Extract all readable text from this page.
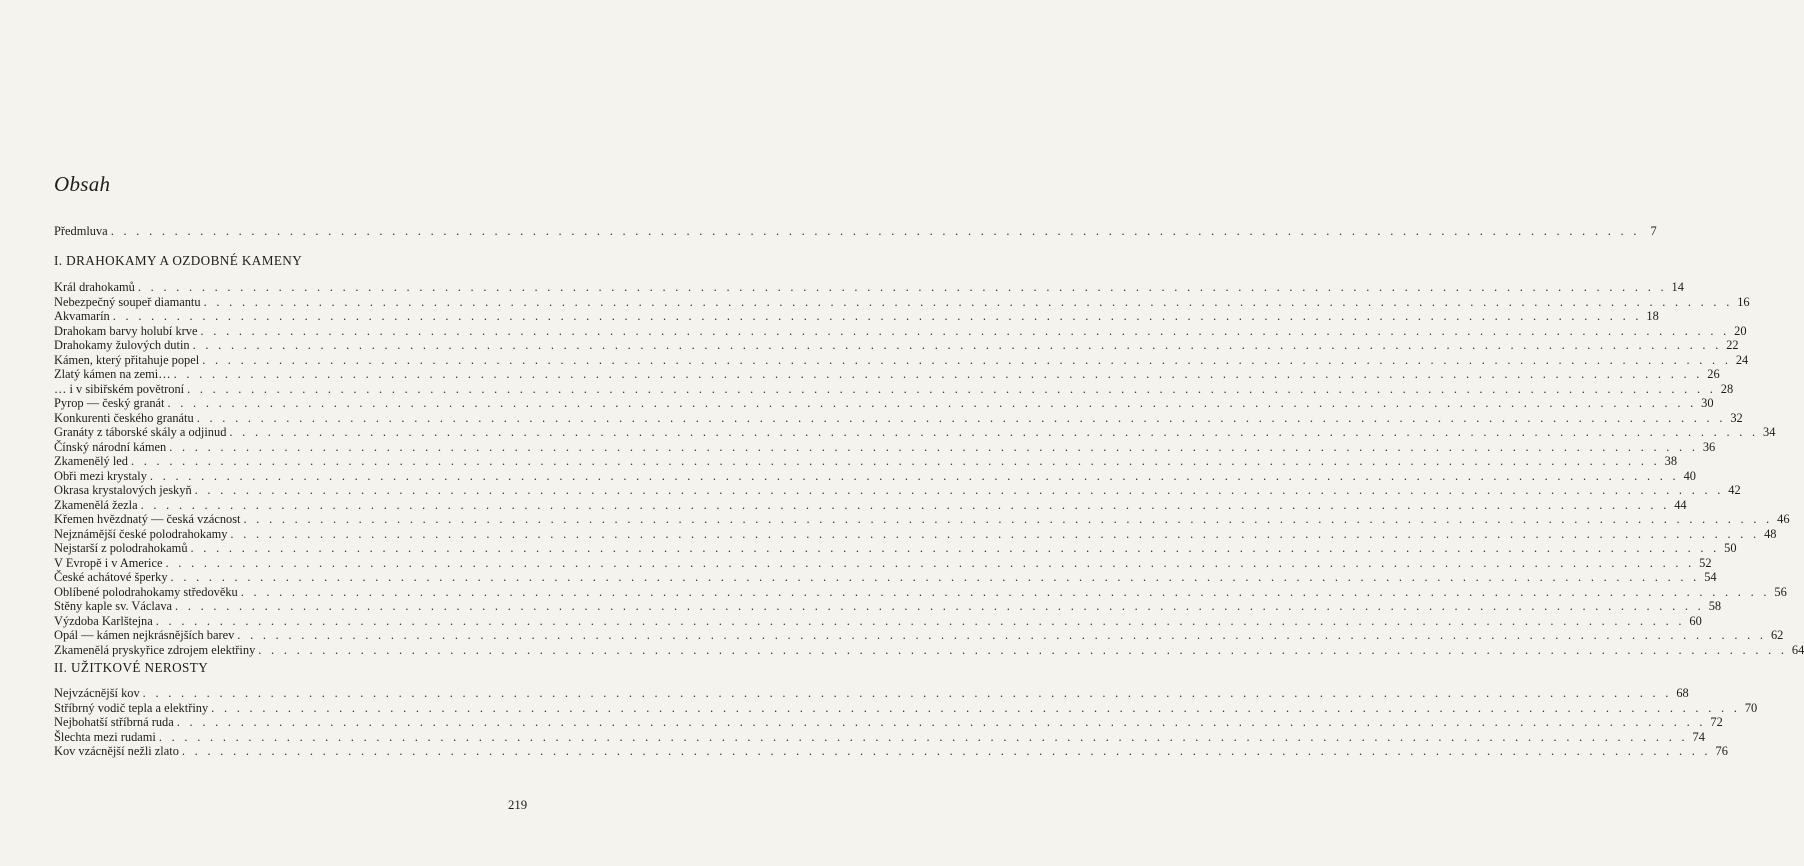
Obsah
Předmluva . . . . . . . . . . . . . . . . . . . . . . . . . . . . . . . . . . . . . . . . . . . . . . . . . . . . . . . . . . . . . . . . . . . . . . . . . . . . . . . . . . . . . . . . . . . . . . . . . . . . . . . . . . . . . . . . . . . . . . . . 7
I. DRAHOKAMY A OZDOBNÉ KAMENY
Král drahokamů . . . . . . . . . . . . . . . . . . . . . . . . . . . . . . . . . . . . . . . . . . . . . . . . . . . . . . . . . . . . . . . . . . . . . . . . . . . . . . . . . . . . . . . . . . . . . . . . . . . . . . . . . . . . . . . . . . . . . . . . 14
Nebezpečný soupeř diamantu . . . . . . . . . . . . . . . . . . . . . . . . . . . . . . . . . . . . . . . . . . . . . . . . . . . . . . . . . . . . . . . . . . . . . . . . . . . . . . . . . . . . . . . . . . . . . . . . . . . . . . . . . . . . . . . . . . . . . . . . 16
Akvamarín . . . . . . . . . . . . . . . . . . . . . . . . . . . . . . . . . . . . . . . . . . . . . . . . . . . . . . . . . . . . . . . . . . . . . . . . . . . . . . . . . . . . . . . . . . . . . . . . . . . . . . . . . . . . . . . . . . . . . . . . 18
Drahokam barvy holubí krve . . . . . . . . . . . . . . . . . . . . . . . . . . . . . . . . . . . . . . . . . . . . . . . . . . . . . . . . . . . . . . . . . . . . . . . . . . . . . . . . . . . . . . . . . . . . . . . . . . . . . . . . . . . . . . . . . . . . . . . . 20
Drahokamy žulových dutin . . . . . . . . . . . . . . . . . . . . . . . . . . . . . . . . . . . . . . . . . . . . . . . . . . . . . . . . . . . . . . . . . . . . . . . . . . . . . . . . . . . . . . . . . . . . . . . . . . . . . . . . . . . . . . . . . . . . . . . . 22
Kámen, který přitahuje popel . . . . . . . . . . . . . . . . . . . . . . . . . . . . . . . . . . . . . . . . . . . . . . . . . . . . . . . . . . . . . . . . . . . . . . . . . . . . . . . . . . . . . . . . . . . . . . . . . . . . . . . . . . . . . . . . . . . . . . . . 24
Zlatý kámen na zemi… . . . . . . . . . . . . . . . . . . . . . . . . . . . . . . . . . . . . . . . . . . . . . . . . . . . . . . . . . . . . . . . . . . . . . . . . . . . . . . . . . . . . . . . . . . . . . . . . . . . . . . . . . . . . . . . . . . . . . . . . 26
… i v sibiřském povětroní . . . . . . . . . . . . . . . . . . . . . . . . . . . . . . . . . . . . . . . . . . . . . . . . . . . . . . . . . . . . . . . . . . . . . . . . . . . . . . . . . . . . . . . . . . . . . . . . . . . . . . . . . . . . . . . . . . . . . . . . 28
Pyrop — český granát . . . . . . . . . . . . . . . . . . . . . . . . . . . . . . . . . . . . . . . . . . . . . . . . . . . . . . . . . . . . . . . . . . . . . . . . . . . . . . . . . . . . . . . . . . . . . . . . . . . . . . . . . . . . . . . . . . . . . . . . 30
Konkurenti českého granátu . . . . . . . . . . . . . . . . . . . . . . . . . . . . . . . . . . . . . . . . . . . . . . . . . . . . . . . . . . . . . . . . . . . . . . . . . . . . . . . . . . . . . . . . . . . . . . . . . . . . . . . . . . . . . . . . . . . . . . . . 32
Granáty z táborské skály a odjinud . . . . . . . . . . . . . . . . . . . . . . . . . . . . . . . . . . . . . . . . . . . . . . . . . . . . . . . . . . . . . . . . . . . . . . . . . . . . . . . . . . . . . . . . . . . . . . . . . . . . . . . . . . . . . . . . . . . . . . . . 34
Čínský národní kámen . . . . . . . . . . . . . . . . . . . . . . . . . . . . . . . . . . . . . . . . . . . . . . . . . . . . . . . . . . . . . . . . . . . . . . . . . . . . . . . . . . . . . . . . . . . . . . . . . . . . . . . . . . . . . . . . . . . . . . . . 36
Zkamenělý led . . . . . . . . . . . . . . . . . . . . . . . . . . . . . . . . . . . . . . . . . . . . . . . . . . . . . . . . . . . . . . . . . . . . . . . . . . . . . . . . . . . . . . . . . . . . . . . . . . . . . . . . . . . . . . . . . . . . . . . . 38
Obři mezi krystaly . . . . . . . . . . . . . . . . . . . . . . . . . . . . . . . . . . . . . . . . . . . . . . . . . . . . . . . . . . . . . . . . . . . . . . . . . . . . . . . . . . . . . . . . . . . . . . . . . . . . . . . . . . . . . . . . . . . . . . . . 40
Okrasa krystalových jeskyň . . . . . . . . . . . . . . . . . . . . . . . . . . . . . . . . . . . . . . . . . . . . . . . . . . . . . . . . . . . . . . . . . . . . . . . . . . . . . . . . . . . . . . . . . . . . . . . . . . . . . . . . . . . . . . . . . . . . . . . . 42
Zkamenělá žezla . . . . . . . . . . . . . . . . . . . . . . . . . . . . . . . . . . . . . . . . . . . . . . . . . . . . . . . . . . . . . . . . . . . . . . . . . . . . . . . . . . . . . . . . . . . . . . . . . . . . . . . . . . . . . . . . . . . . . . . . 44
Křemen hvězdnatý — česká vzácnost . . . . . . . . . . . . . . . . . . . . . . . . . . . . . . . . . . . . . . . . . . . . . . . . . . . . . . . . . . . . . . . . . . . . . . . . . . . . . . . . . . . . . . . . . . . . . . . . . . . . . . . . . . . . . . . . . . . . . . . . 46
Nejznámější české polodrahokamy . . . . . . . . . . . . . . . . . . . . . . . . . . . . . . . . . . . . . . . . . . . . . . . . . . . . . . . . . . . . . . . . . . . . . . . . . . . . . . . . . . . . . . . . . . . . . . . . . . . . . . . . . . . . . . . . . . . . . . . . 48
Nejstarší z polodrahokamů . . . . . . . . . . . . . . . . . . . . . . . . . . . . . . . . . . . . . . . . . . . . . . . . . . . . . . . . . . . . . . . . . . . . . . . . . . . . . . . . . . . . . . . . . . . . . . . . . . . . . . . . . . . . . . . . . . . . . . . . 50
V Evropě i v Americe . . . . . . . . . . . . . . . . . . . . . . . . . . . . . . . . . . . . . . . . . . . . . . . . . . . . . . . . . . . . . . . . . . . . . . . . . . . . . . . . . . . . . . . . . . . . . . . . . . . . . . . . . . . . . . . . . . . . . . . . 52
České achátové šperky . . . . . . . . . . . . . . . . . . . . . . . . . . . . . . . . . . . . . . . . . . . . . . . . . . . . . . . . . . . . . . . . . . . . . . . . . . . . . . . . . . . . . . . . . . . . . . . . . . . . . . . . . . . . . . . . . . . . . . . . 54
Oblíbené polodrahokamy středověku . . . . . . . . . . . . . . . . . . . . . . . . . . . . . . . . . . . . . . . . . . . . . . . . . . . . . . . . . . . . . . . . . . . . . . . . . . . . . . . . . . . . . . . . . . . . . . . . . . . . . . . . . . . . . . . . . . . . . . . . 56
Stěny kaple sv. Václava . . . . . . . . . . . . . . . . . . . . . . . . . . . . . . . . . . . . . . . . . . . . . . . . . . . . . . . . . . . . . . . . . . . . . . . . . . . . . . . . . . . . . . . . . . . . . . . . . . . . . . . . . . . . . . . . . . . . . . . . 58
Výzdoba Karlštejna . . . . . . . . . . . . . . . . . . . . . . . . . . . . . . . . . . . . . . . . . . . . . . . . . . . . . . . . . . . . . . . . . . . . . . . . . . . . . . . . . . . . . . . . . . . . . . . . . . . . . . . . . . . . . . . . . . . . . . . . 60
Opál — kámen nejkrásnějších barev . . . . . . . . . . . . . . . . . . . . . . . . . . . . . . . . . . . . . . . . . . . . . . . . . . . . . . . . . . . . . . . . . . . . . . . . . . . . . . . . . . . . . . . . . . . . . . . . . . . . . . . . . . . . . . . . . . . . . . . . 62
Zkamenělá pryskyřice zdrojem elektřiny . . . . . . . . . . . . . . . . . . . . . . . . . . . . . . . . . . . . . . . . . . . . . . . . . . . . . . . . . . . . . . . . . . . . . . . . . . . . . . . . . . . . . . . . . . . . . . . . . . . . . . . . . . . . . . . . . . . . . . . . 64
II. UŽITKOVÉ NEROSTY
Nejvzácnější kov . . . . . . . . . . . . . . . . . . . . . . . . . . . . . . . . . . . . . . . . . . . . . . . . . . . . . . . . . . . . . . . . . . . . . . . . . . . . . . . . . . . . . . . . . . . . . . . . . . . . . . . . . . . . . . . . . . . . . . . . 68
Stříbrný vodič tepla a elektřiny . . . . . . . . . . . . . . . . . . . . . . . . . . . . . . . . . . . . . . . . . . . . . . . . . . . . . . . . . . . . . . . . . . . . . . . . . . . . . . . . . . . . . . . . . . . . . . . . . . . . . . . . . . . . . . . . . . . . . . . . 70
Nejbohatší stříbrná ruda . . . . . . . . . . . . . . . . . . . . . . . . . . . . . . . . . . . . . . . . . . . . . . . . . . . . . . . . . . . . . . . . . . . . . . . . . . . . . . . . . . . . . . . . . . . . . . . . . . . . . . . . . . . . . . . . . . . . . . . . 72
Šlechta mezi rudami . . . . . . . . . . . . . . . . . . . . . . . . . . . . . . . . . . . . . . . . . . . . . . . . . . . . . . . . . . . . . . . . . . . . . . . . . . . . . . . . . . . . . . . . . . . . . . . . . . . . . . . . . . . . . . . . . . . . . . . . 74
Kov vzácnější nežli zlato . . . . . . . . . . . . . . . . . . . . . . . . . . . . . . . . . . . . . . . . . . . . . . . . . . . . . . . . . . . . . . . . . . . . . . . . . . . . . . . . . . . . . . . . . . . . . . . . . . . . . . . . . . . . . . . . . . . . . . . . 76
219
